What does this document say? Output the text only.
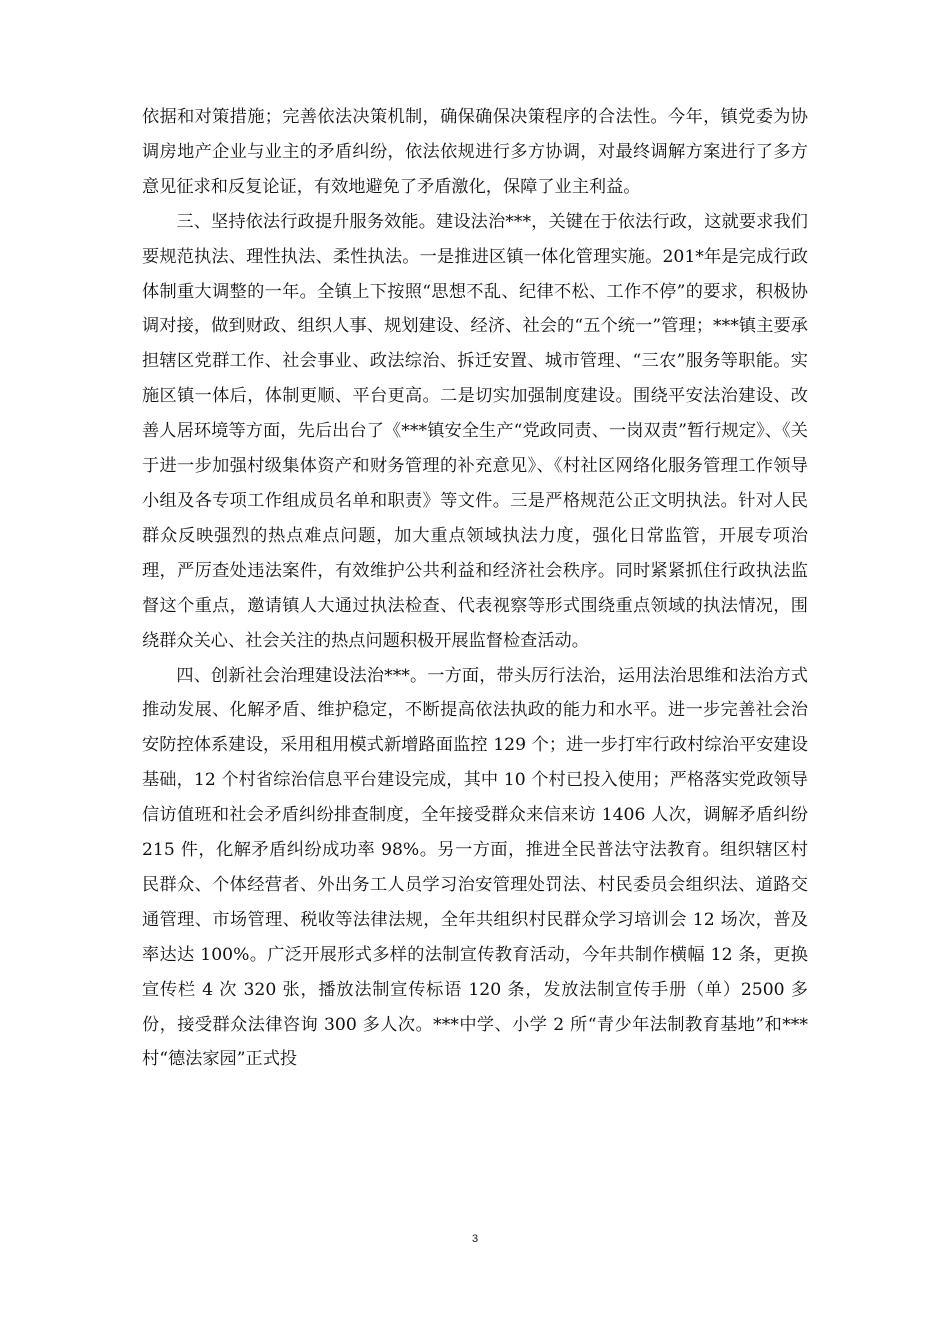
依据和对策措施；完善依法决策机制，确保确保决策程序的合法性。今年，镇党委为协调房地产企业与业主的矛盾纠纷，依法依规进行多方协调，对最终调解方案进行了多方意见征求和反复论证，有效地避免了矛盾激化，保障了业主利益。

三、坚持依法行政提升服务效能。建设法治***，关键在于依法行政，这就要求我们要规范执法、理性执法、柔性执法。一是推进区镇一体化管理实施。201*年是完成行政体制重大调整的一年。全镇上下按照“思想不乱、纪律不松、工作不停”的要求，积极协调对接，做到财政、组织人事、规划建设、经济、社会的“五个统一”管理；***镇主要承担辖区党群工作、社会事业、政法综治、拆迁安置、城市管理、“三农”服务等职能。实施区镇一体后，体制更顺、平台更高。二是切实加强制度建设。围绕平安法治建设、改善人居环境等方面，先后出台了《***镇安全生产“党政同责、一岗双责”暂行规定》、《关于进一步加强村级集体资产和财务管理的补充意见》、《村社区网络化服务管理工作领导小组及各专项工作组成员名单和职责》等文件。三是严格规范公正文明执法。针对人民群众反映强烈的热点难点问题，加大重点领域执法力度，强化日常监管，开展专项治理，严厉查处违法案件，有效维护公共利益和经济社会秩序。同时紧紧抓住行政执法监督这个重点，邀请镇人大通过执法检查、代表视察等形式围绕重点领域的执法情况，围绕群众关心、社会关注的热点问题积极开展监督检查活动。

四、创新社会治理建设法治***。一方面，带头厉行法治，运用法治思维和法治方式推动发展、化解矛盾、维护稳定，不断提高依法执政的能力和水平。进一步完善社会治安防控体系建设，采用租用模式新增路面监控 129 个；进一步打牢行政村综治平安建设基础，12 个村省综治信息平台建设完成，其中 10 个村已投入使用；严格落实党政领导信访值班和社会矛盾纠纷排查制度，全年接受群众来信来访 1406 人次，调解矛盾纠纷 215 件，化解矛盾纠纷成功率 98%。另一方面，推进全民普法守法教育。组织辖区村民群众、个体经营者、外出务工人员学习治安管理处罚法、村民委员会组织法、道路交通管理、市场管理、税收等法律法规，全年共组织村民群众学习培训会 12 场次，普及率达达 100%。广泛开展形式多样的法制宣传教育活动，今年共制作横幅 12 条，更换宣传栏 4 次 320 张，播放法制宣传标语 120 条，发放法制宣传手册（单）2500 多份，接受群众法律咨询 300 多人次。***中学、小学 2 所“青少年法制教育基地”和***村“德法家园”正式投

3
